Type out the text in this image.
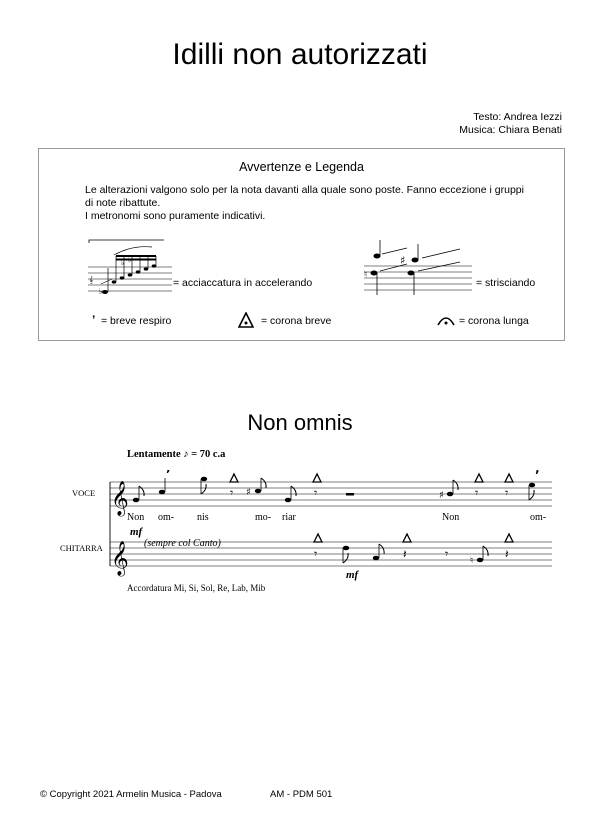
Idilli non autorizzati
Testo: Andrea Iezzi
Musica: Chiara Benati
Avvertenze e Legenda
Le alterazioni valgono solo per la nota davanti alla quale sono poste. Fanno eccezione i gruppi di note ribattute.
I metronomi sono puramente indicativi.
𝄞
♭
♭ ♭
= acciaccatura in accelerando
♯
♮
= strisciando
ʼ = breve respiro	= corona breve	= corona lunga
Non omnis
Lentamente ♪ = 70 c.a
VOCE
CHITARRA
𝄞
𝄞
♯	♯
𝄾	𝄾	𝄾 𝄾
ʼ	ʼ
♮
𝄾	𝄽	𝄾	𝄽
Non om- nis	mo- riar	Non	om-
mf
(sempre col Canto)
mf
Accordatura Mi, Si, Sol, Re, Lab, Mib
© Copyright 2021 Armelin Musica - Padova	AM - PDM 501
